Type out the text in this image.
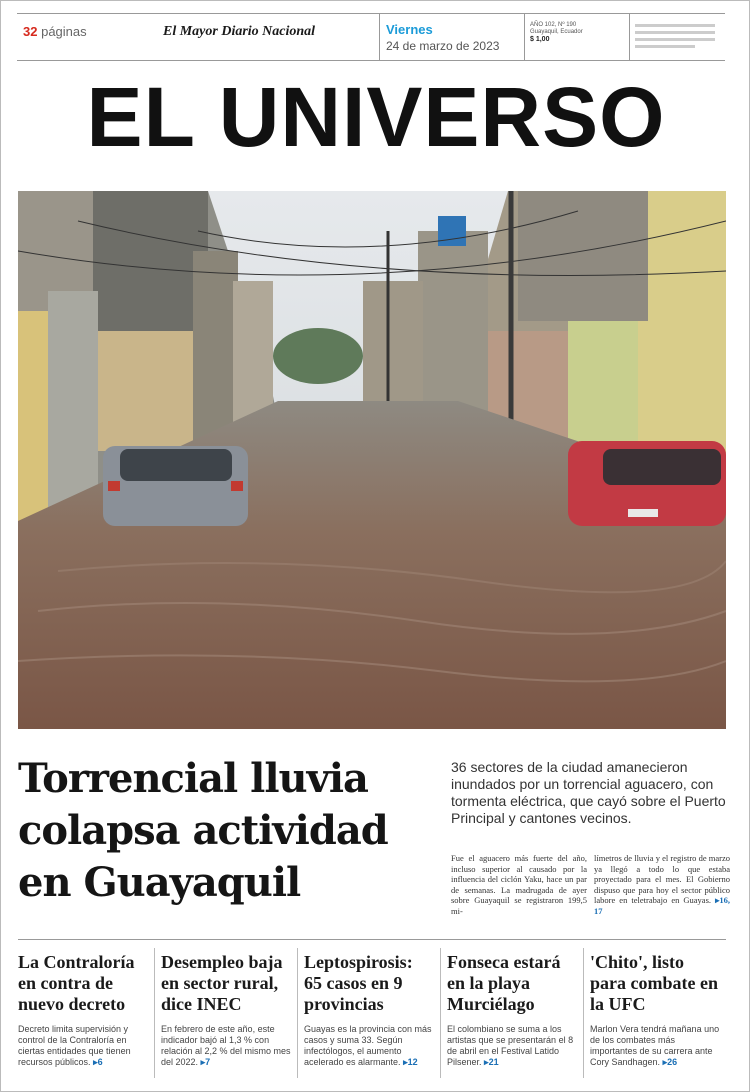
32 páginas	El Mayor Diario Nacional	Viernes
24 de marzo de 2023
AÑO 102, Nº 190
Guayaquil, Ecuador
$ 1,00
EL UNIVERSO
Torrencial lluvia
colapsa actividad
en Guayaquil
36 sectores de la ciudad amanecieron inundados por un torrencial aguacero, con tormenta eléctrica, que cayó sobre el Puerto Principal y cantones vecinos.
Fue el aguacero más fuerte del año, incluso superior al causado por la influencia del ciclón Yaku, hace un par de semanas. La madrugada de ayer sobre Guayaquil se registraron 199,5 mi-
límetros de lluvia y el registro de marzo ya llegó a todo lo que estaba proyectado para el mes. El Gobierno dispuso que para hoy el sector público labore en teletrabajo en Guayas. ▸16, 17
La Contraloría en contra de nuevo decreto

Decreto limita supervisión y control de la Contraloría en ciertas entidades que tienen recursos públicos. ▸6

Desempleo baja en sector rural, dice INEC

En febrero de este año, este indicador bajó al 1,3 % con relación al 2,2 % del mismo mes del 2022. ▸7

Leptospirosis: 65 casos en 9 provincias

Guayas es la provincia con más casos y suma 33. Según infectólogos, el aumento acelerado es alarmante. ▸12

Fonseca estará en la playa Murciélago

El colombiano se suma a los artistas que se presentarán el 8 de abril en el Festival Latido Pilsener. ▸21

'Chito', listo para combate en la UFC

Marlon Vera tendrá mañana uno de los combates más importantes de su carrera ante Cory Sandhagen. ▸26
